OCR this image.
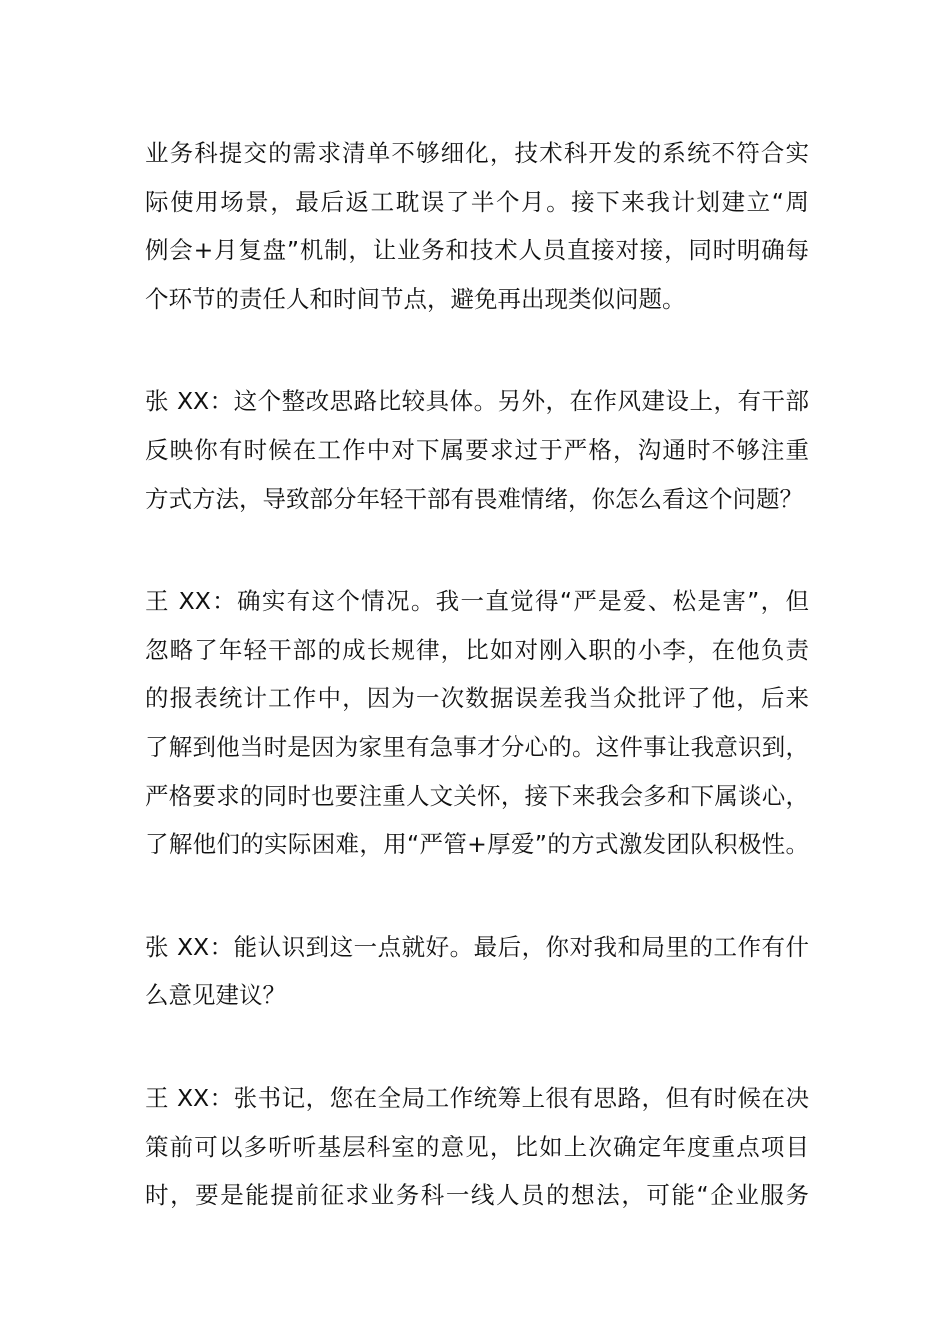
业务科提交的需求清单不够细化，技术科开发的系统不符合实
际使用场景，最后返工耽误了半个月。接下来我计划建立“周
例会+月复盘”机制，让业务和技术人员直接对接，同时明确每
个环节的责任人和时间节点，避免再出现类似问题。
张 XX：这个整改思路比较具体。另外，在作风建设上，有干部
反映你有时候在工作中对下属要求过于严格，沟通时不够注重
方式方法，导致部分年轻干部有畏难情绪，你怎么看这个问题？
王 XX：确实有这个情况。我一直觉得“严是爱、松是害”，但
忽略了年轻干部的成长规律，比如对刚入职的小李，在他负责
的报表统计工作中，因为一次数据误差我当众批评了他，后来
了解到他当时是因为家里有急事才分心的。这件事让我意识到，
严格要求的同时也要注重人文关怀，接下来我会多和下属谈心，
了解他们的实际困难，用“严管+厚爱”的方式激发团队积极性。
张 XX：能认识到这一点就好。最后，你对我和局里的工作有什
么意见建议？
王 XX：张书记，您在全局工作统筹上很有思路，但有时候在决
策前可以多听听基层科室的意见，比如上次确定年度重点项目
时，要是能提前征求业务科一线人员的想法，可能“企业服务
